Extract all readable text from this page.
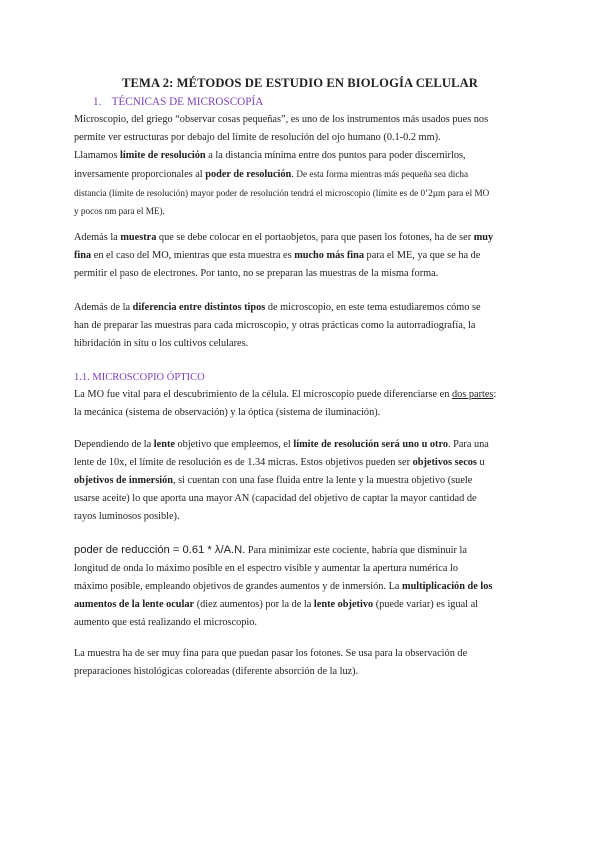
TEMA 2: MÉTODOS DE ESTUDIO EN BIOLOGÍA CELULAR
1. TÉCNICAS DE MICROSCOPÍA
Microscopio, del griego “observar cosas pequeñas”, es uno de los instrumentos más usados pues nos
permite ver estructuras por debajo del límite de resolución del ojo humano (0.1-0.2 mm).
Llamamos límite de resolución a la distancia mínima entre dos puntos para poder discernirlos,
inversamente proporcionales al poder de resolución. De esta forma mientras más pequeña sea dicha
distancia (límite de resolución) mayor poder de resolución tendrá el microscopio (límite es de 0’2µm para el MO
y pocos nm para el ME).
Además la muestra que se debe colocar en el portaobjetos, para que pasen los fotones, ha de ser muy
fina en el caso del MO, mientras que esta muestra es mucho más fina para el ME, ya que se ha de
permitir el paso de electrones. Por tanto, no se preparan las muestras de la misma forma.
Además de la diferencia entre distintos tipos de microscopio, en este tema estudiaremos cómo se
han de preparar las muestras para cada microscopio, y otras prácticas como la autorradiografía, la
hibridación in situ o los cultivos celulares.
1.1. MICROSCOPIO ÓPTICO
La MO fue vital para el descubrimiento de la célula. El microscopio puede diferenciarse en dos partes:
la mecánica (sistema de observación) y la óptica (sistema de iluminación).
Dependiendo de la lente objetivo que empleemos, el límite de resolución será uno u otro. Para una
lente de 10x, el límite de resolución es de 1.34 micras. Estos objetivos pueden ser objetivos secos u
objetivos de inmersión, si cuentan con una fase fluida entre la lente y la muestra objetivo (suele
usarse aceite) lo que aporta una mayor AN (capacidad del objetivo de captar la mayor cantidad de
rayos luminosos posible).
poder de reducción = 0.61 * λ/A.N. Para minimizar este cociente, habría que disminuir la
longitud de onda lo máximo posible en el espectro visible y aumentar la apertura numérica lo
máximo posible, empleando objetivos de grandes aumentos y de inmersión. La multiplicación de los
aumentos de la lente ocular (diez aumentos) por la de la lente objetivo (puede variar) es igual al
aumento que está realizando el microscopio.
La muestra ha de ser muy fina para que puedan pasar los fotones. Se usa para la observación de
preparaciones histológicas coloreadas (diferente absorción de la luz).
